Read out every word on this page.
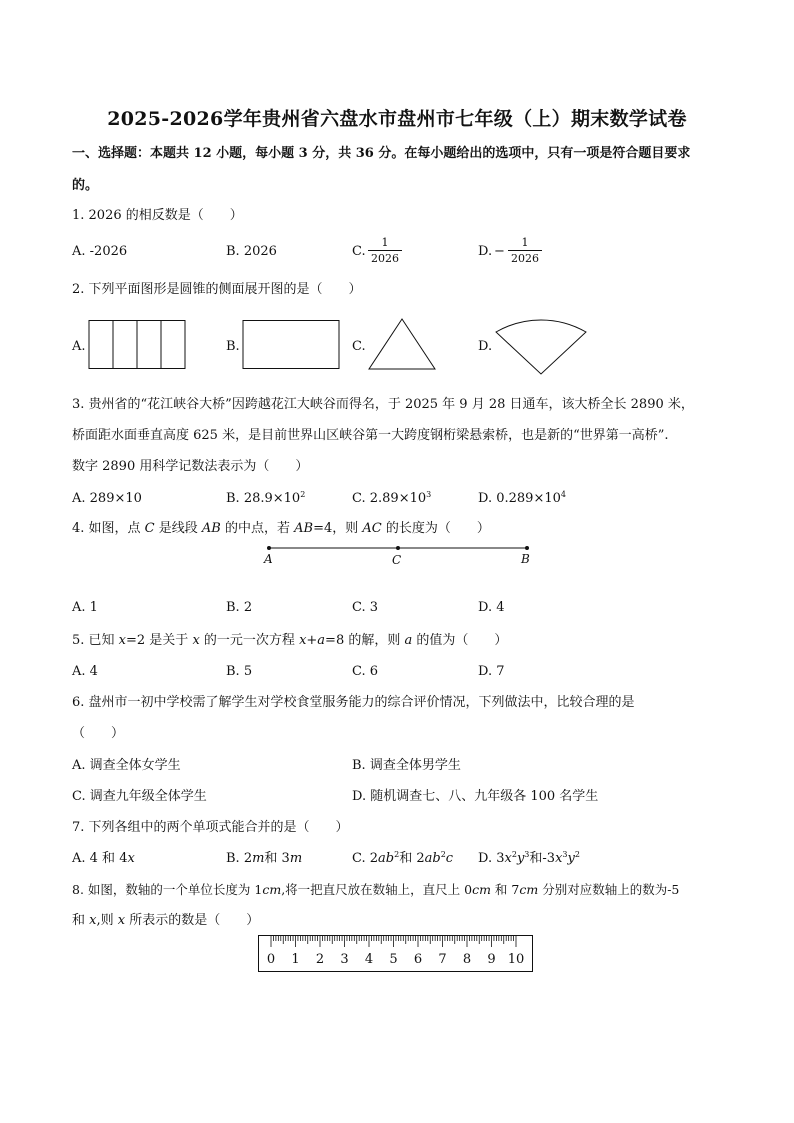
2025-2026学年贵州省六盘水市盘州市七年级（上）期末数学试卷
一、选择题：本题共 12 小题，每小题 3 分，共 36 分。在每小题给出的选项中，只有一项是符合题目要求
的。
1. 2026 的相反数是（　　）
A. -2026	B. 2026	C.
1
2026	D. −
1
2026
2. 下列平面图形是圆锥的侧面展开图的是（　　）
A.	B.	C.	D.
3. 贵州省的“花江峡谷大桥”因跨越花江大峡谷而得名，于 2025 年 9 月 28 日通车，该大桥全长 2890 米，
桥面距水面垂直高度 625 米，是目前世界山区峡谷第一大跨度钢桁梁悬索桥，也是新的“世界第一高桥”.
数字 2890 用科学记数法表示为（　　）
A. 289×10	B. $28.9\times 10^2$	C. $2.89\times 10^3$	D. $0.289\times 10^4$
4. 如图，点 C 是线段 AB 的中点，若 AB=4，则 AC 的长度为（　　）
A	C	B
A. 1	B. 2	C. 3	D. 4
5. 已知 x=2 是关于 x 的一元一次方程 x+a=8 的解，则 a 的值为（　　）
A. 4	B. 5	C. 6	D. 7
6. 盘州市一初中学校需了解学生对学校食堂服务能力的综合评价情况，下列做法中，比较合理的是
（　　）
A. 调查全体女学生	B. 调查全体男学生
C. 调查九年级全体学生	D. 随机调查七、八、九年级各 100 名学生
7. 下列各组中的两个单项式能合并的是（　　）
A. 4 和 4x	B. 2m和 3m	C. $2ab^2$和 $2ab^2c$ D. $3x^2y^3$和$-3x^3y^2$
8. 如图，数轴的一个单位长度为 1cm,将一把直尺放在数轴上，直尺上 0cm 和 7cm 分别对应数轴上的数为-5
和 x,则 x 所表示的数是（　　）
0 1 2 3 4 5 6 7 8 9 10
